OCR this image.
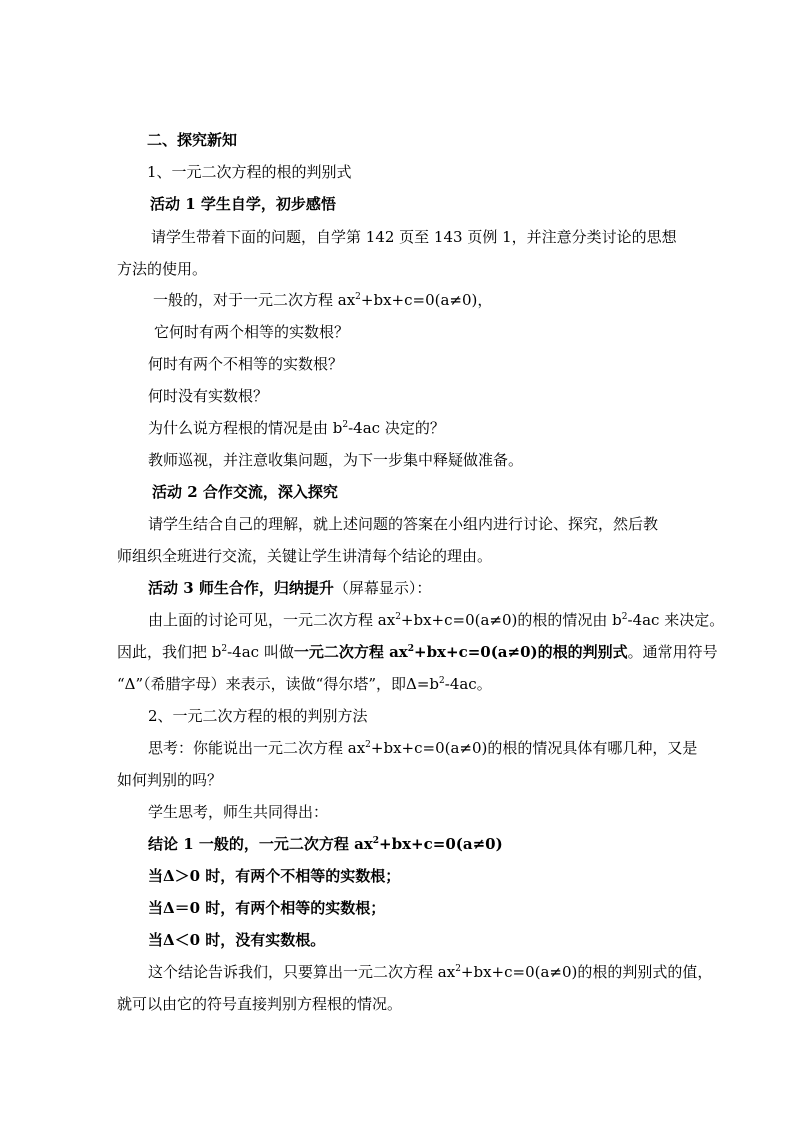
二、探究新知
1、一元二次方程的根的判别式
活动 1 学生自学，初步感悟
请学生带着下面的问题，自学第 142 页至 143 页例 1，并注意分类讨论的思想
方法的使用。
一般的，对于一元二次方程 $ax^2+bx+c=0(a\ne 0)$，
它何时有两个相等的实数根？
何时有两个不相等的实数根？
何时没有实数根？
为什么说方程根的情况是由 $b^2-4ac$ 决定的？
教师巡视，并注意收集问题，为下一步集中释疑做准备。
活动 2 合作交流，深入探究
请学生结合自己的理解，就上述问题的答案在小组内进行讨论、探究，然后教
师组织全班进行交流，关键让学生讲清每个结论的理由。
活动 3 师生合作，归纳提升（屏幕显示）：
由上面的讨论可见，一元二次方程 $ax^2+bx+c=0(a\ne 0)$的根的情况由 $b^2-4ac$ 来决定。
因此，我们把 $b^2-4ac$ 叫做一元二次方程 $ax^2+bx+c=0(a\ne 0)$的根的判别式。通常用符号
“Δ”（希腊字母）来表示，读做“得尔塔”，即$\Delta=b^2-4ac$。
2、一元二次方程的根的判别方法
思考：你能说出一元二次方程 $ax^2+bx+c=0(a\ne 0)$的根的情况具体有哪几种，又是
如何判别的吗？
学生思考，师生共同得出：
结论 1 一般的，一元二次方程 $ax^2+bx+c=0(a\ne 0)$
当Δ＞0 时，有两个不相等的实数根；
当Δ＝0 时，有两个相等的实数根；
当Δ＜0 时，没有实数根。
这个结论告诉我们，只要算出一元二次方程 $ax^2+bx+c=0(a\ne 0)$的根的判别式的值，
就可以由它的符号直接判别方程根的情况。
